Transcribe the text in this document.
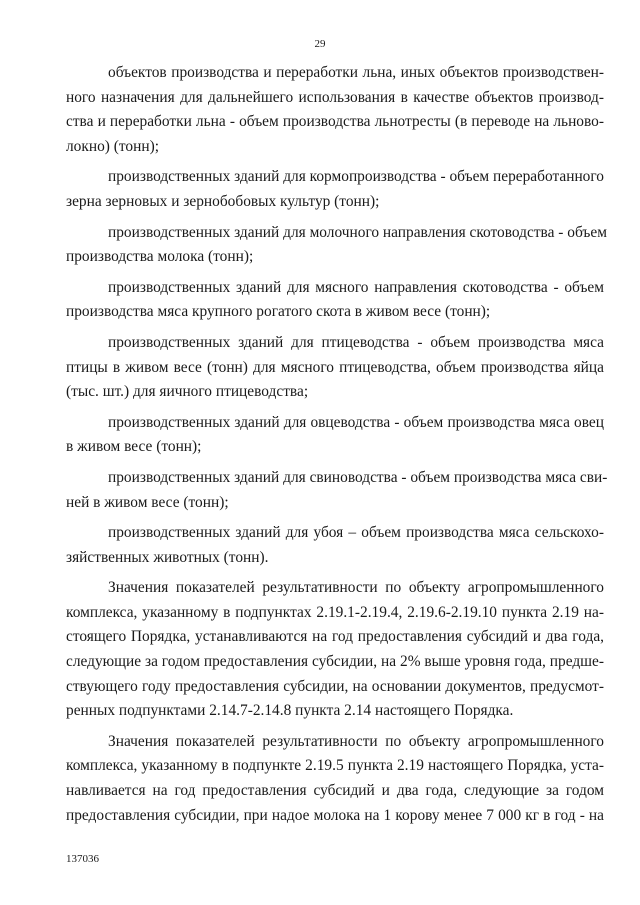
29
объектов производства и переработки льна, иных объектов производствен-
ного назначения для дальнейшего использования в качестве объектов производ-
ства и переработки льна - объем производства льнотресты (в переводе на льново-
локно) (тонн);
производственных зданий для кормопроизводства - объем переработанного
зерна зерновых и зернобобовых культур (тонн);
производственных зданий для молочного направления скотоводства - объем
производства молока (тонн);
производственных зданий для мясного направления скотоводства - объем
производства мяса крупного рогатого скота в живом весе (тонн);
производственных зданий для птицеводства - объем производства мяса
птицы в живом весе (тонн) для мясного птицеводства, объем производства яйца
(тыс. шт.) для яичного птицеводства;
производственных зданий для овцеводства - объем производства мяса овец
в живом весе (тонн);
производственных зданий для свиноводства - объем производства мяса сви-
ней в живом весе (тонн);
производственных зданий для убоя – объем производства мяса сельскохо-
зяйственных животных (тонн).
Значения показателей результативности по объекту агропромышленного
комплекса, указанному в подпунктах 2.19.1-2.19.4, 2.19.6-2.19.10 пункта 2.19 на-
стоящего Порядка, устанавливаются на год предоставления субсидий и два года,
следующие за годом предоставления субсидии, на 2% выше уровня года, предше-
ствующего году предоставления субсидии, на основании документов, предусмот-
ренных подпунктами 2.14.7-2.14.8 пункта 2.14 настоящего Порядка.
Значения показателей результативности по объекту агропромышленного
комплекса, указанному в подпункте 2.19.5 пункта 2.19 настоящего Порядка, уста-
навливается на год предоставления субсидий и два года, следующие за годом
предоставления субсидии, при надое молока на 1 корову менее 7 000 кг в год - на
137036
